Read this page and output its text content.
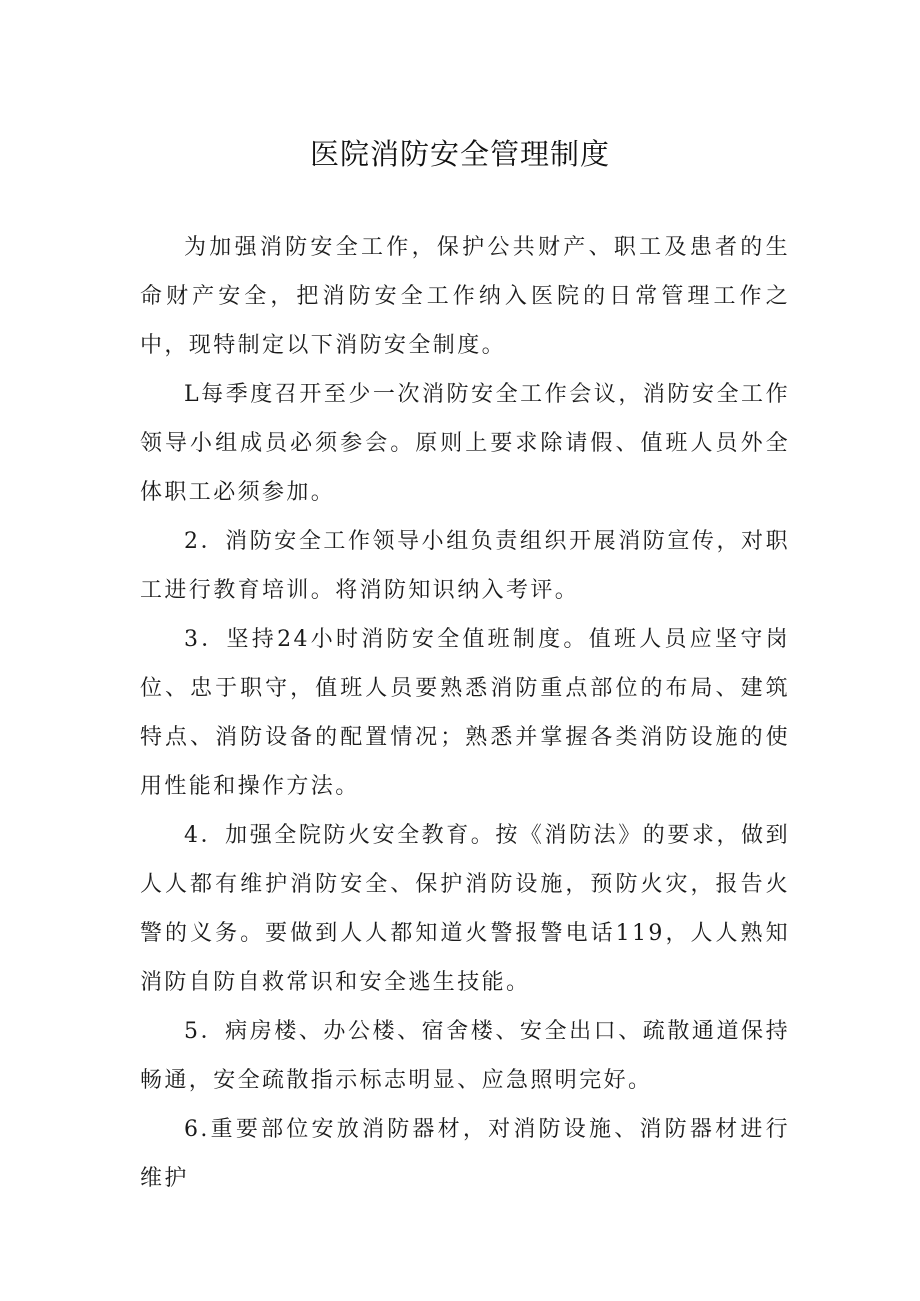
医院消防安全管理制度

为加强消防安全工作，保护公共财产、职工及患者的生命财产安全，把消防安全工作纳入医院的日常管理工作之中，现特制定以下消防安全制度。

L每季度召开至少一次消防安全工作会议，消防安全工作领导小组成员必须参会。原则上要求除请假、值班人员外全体职工必须参加。

2．消防安全工作领导小组负责组织开展消防宣传，对职工进行教育培训。将消防知识纳入考评。

3．坚持24小时消防安全值班制度。值班人员应坚守岗位、忠于职守，值班人员要熟悉消防重点部位的布局、建筑特点、消防设备的配置情况；熟悉并掌握各类消防设施的使用性能和操作方法。

4．加强全院防火安全教育。按《消防法》的要求，做到人人都有维护消防安全、保护消防设施，预防火灾，报告火警的义务。要做到人人都知道火警报警电话119，人人熟知消防自防自救常识和安全逃生技能。

5．病房楼、办公楼、宿舍楼、安全出口、疏散通道保持畅通，安全疏散指示标志明显、应急照明完好。

6.重要部位安放消防器材，对消防设施、消防器材进行维护
